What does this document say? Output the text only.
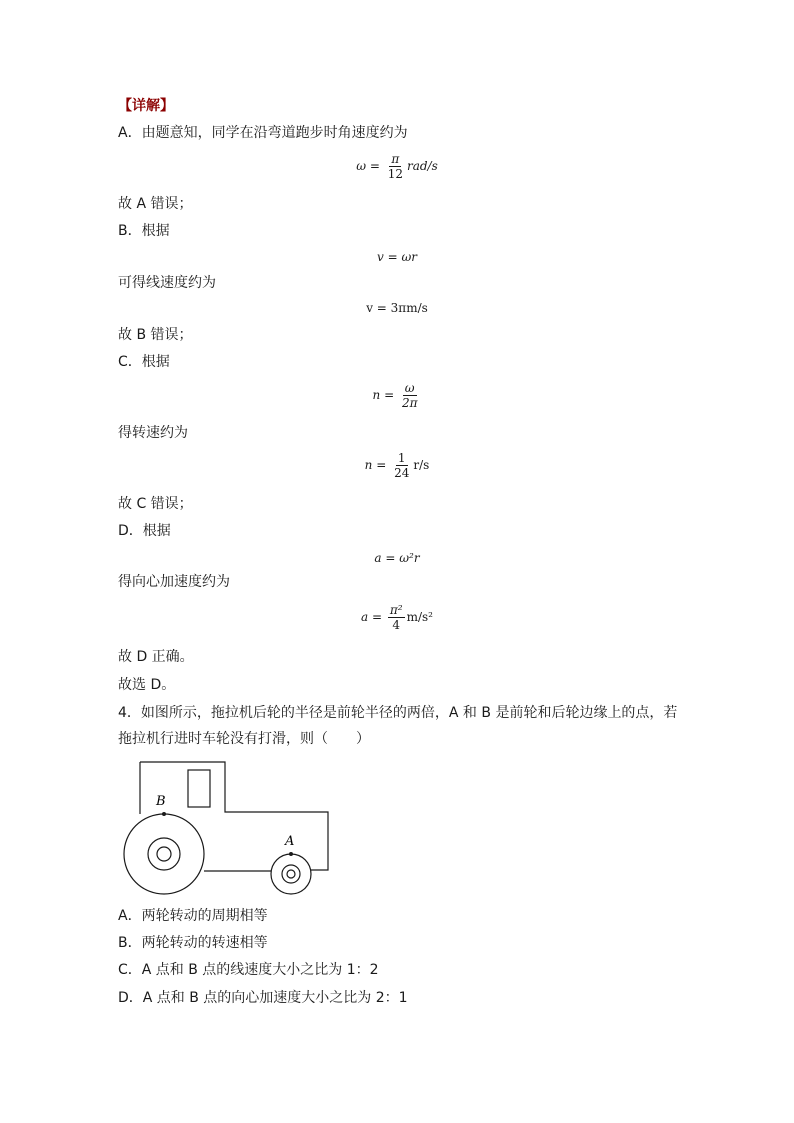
【详解】
A．由题意知，同学在沿弯道跑步时角速度约为
$\omega = \frac{\pi}{12} rad/s$
故 A 错误；
B．根据
v = ωr
可得线速度约为
v = 3πm/s
故 B 错误；
C．根据
$n = \frac{\omega}{2\pi}$
得转速约为
$n = \frac{1}{24} r/s$
故 C 错误；
D．根据
a = ω²r
得向心加速度约为
$a = \frac{\text{π²}}{4} m/s^2$
故 D 正确。
故选 D。
4．如图所示，拖拉机后轮的半径是前轮半径的两倍，A 和 B 是前轮和后轮边缘上的点，若
拖拉机行进时车轮没有打滑，则（　　）
B
A
A．两轮转动的周期相等
B．两轮转动的转速相等
C．A 点和 B 点的线速度大小之比为 1：2
D．A 点和 B 点的向心加速度大小之比为 2：1
